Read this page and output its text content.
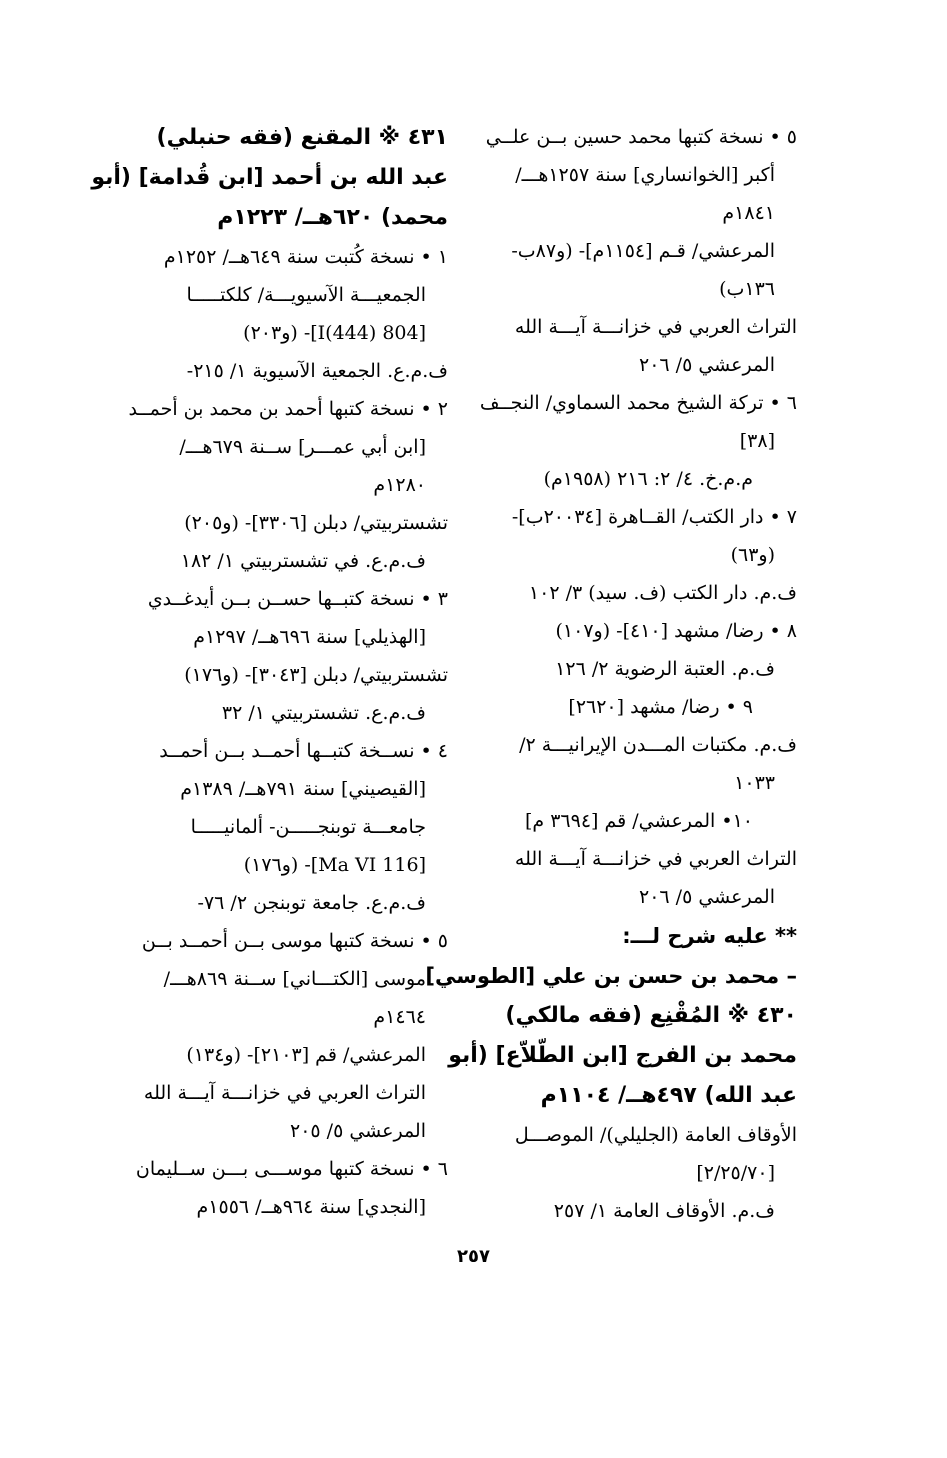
٥ • نسخة كتبها محمد حسين بــن علــي
أكبر [الخوانساري] سنة ١٢٥٧هـــ/
١٨٤١م
المرعشي/ قـم [١١٥٤م]- (و٨٧ب-
١٣٦ب)
التراث العربي في خزانـــة آيـــة الله
المرعشي ٥/ ٢٠٦
٦ • تركة الشيخ محمد السماوي/ النجــف
[٣٨]
م.م.خ. ٤/ ٢: ٢١٦ (١٩٥٨م)
٧ • دار الكتب/ القــاهرة [٢٠٠٣٤ب]-
(و٦٣)
ف.م. دار الكتب (ف. سيد) ٣/ ١٠٢
٨ • رضا/ مشهد [٤١٠]- (و١٠٧)
ف.م. العتبة الرضوية ٢/ ١٢٦
٩ • رضا/ مشهد [٢٦٢٠]
ف.م. مكتبات المـــدن الإيرانيـــة ٢/
١٠٣٣
١٠• المرعشي/ قم [٣٦٩٤ م]
التراث العربي في خزانـــة آيـــة الله
المرعشي ٥/ ٢٠٦
** عليه شرح لـــ:
– محمد بن حسن بن علي [الطوسي]
٤٣٠ ※ المُقْنِع (فقه مالكي)
محمد بن الفرج [ابن الطّلاّع] (أبو
عبد الله) ٤٩٧هــ/ ١١٠٤م
الأوقاف العامة (الجليلي)/ الموصـــل
[٢/٢٥/٧٠]
ف.م. الأوقاف العامة ١/ ٢٥٧
٤٣١ ※ المقنع (فقه حنبلي)
عبد الله بن أحمد [ابن قُدامة] (أبو
محمد) ٦٢٠هــ/ ١٢٢٣م
١ • نسخة كُتبت سنة ٦٤٩هــ/ ١٢٥٢م
الجمعيـــة الآسيويـــة/ كلكتـــــا
[804 I(444)]- (و٢٠٣)
ف.م.ع. الجمعية الآسيوية ١/ ٢١٥-
٢ • نسخة كتبها أحمد بن محمد بن أحمــد
[ابن أبي عمـــر] ســنة ٦٧٩هـــ/
١٢٨٠م
تشستربيتي/ دبلن [٣٣٠٦]- (و٢٠٥)
ف.م.ع. في تشستربيتي ١/ ١٨٢
٣ • نسخة كتبــها حســن بــن أيدغــدي
[الهذيلي] سنة ٦٩٦هــ/ ١٢٩٧م
تشستربيتي/ دبلن [٣٠٤٣]- (و١٧٦)
ف.م.ع. تشستربيتي ١/ ٣٢
٤ • نســخة كتبــها أحمــد بــن أحمــد
[القيصيني] سنة ٧٩١هــ/ ١٣٨٩م
جامعـــة توبنجـــــن- ألمانيـــــا
[Ma VI 116]- (و١٧٦)
ف.م.ع. جامعة توبنجن ٢/ ٧٦-
٥ • نسخة كتبها موسى بــن أحمــد بــن
موسى [الكتـــاني] ســنة ٨٦٩هـــ/
١٤٦٤م
المرعشي/ قم [٢١٠٣]- (و١٣٤)
التراث العربي في خزانـــة آيـــة الله
المرعشي ٥/ ٢٠٥
٦ • نسخة كتبها موســـى بـــن ســليمان
[النجدي] سنة ٩٦٤هــ/ ١٥٥٦م
٢٥٧
